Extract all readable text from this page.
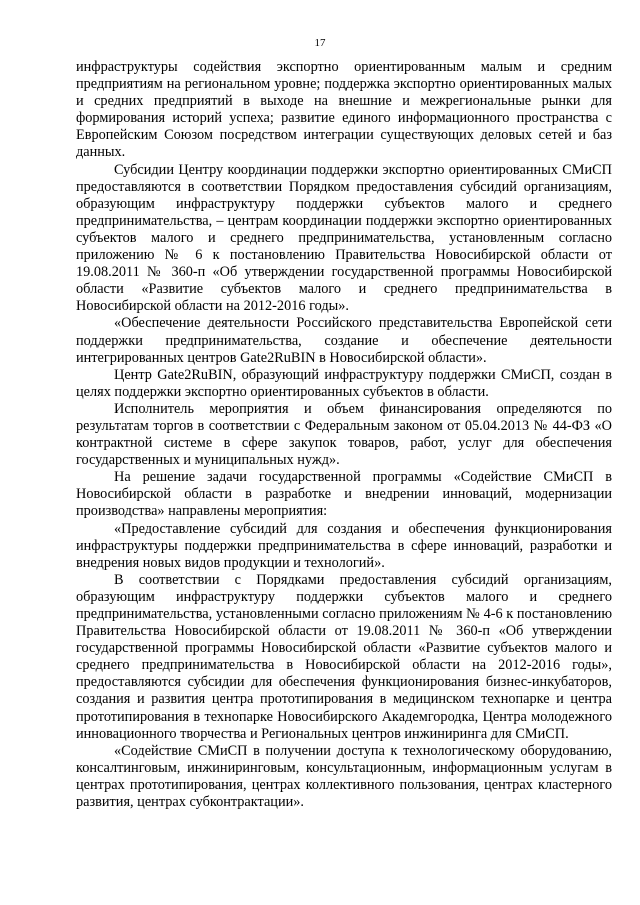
17

инфраструктуры содействия экспортно ориентированным малым и средним предприятиям на региональном уровне; поддержка экспортно ориентированных малых и средних предприятий в выходе на внешние и межрегиональные рынки для формирования историй успеха; развитие единого информационного пространства с Европейским Союзом посредством интеграции существующих деловых сетей и баз данных.

Субсидии Центру координации поддержки экспортно ориентированных СМиСП предоставляются в соответствии Порядком предоставления субсидий организациям, образующим инфраструктуру поддержки субъектов малого и среднего предпринимательства, – центрам координации поддержки экспортно ориентированных субъектов малого и среднего предпринимательства, установленным согласно приложению № 6 к постановлению Правительства Новосибирской области от 19.08.2011 № 360-п «Об утверждении государственной программы Новосибирской области «Развитие субъектов малого и среднего предпринимательства в Новосибирской области на 2012-2016 годы».

«Обеспечение деятельности Российского представительства Европейской сети поддержки предпринимательства, создание и обеспечение деятельности интегрированных центров Gate2RuBIN в Новосибирской области».

Центр Gate2RuBIN, образующий инфраструктуру поддержки СМиСП, создан в целях поддержки экспортно ориентированных субъектов в области.

Исполнитель мероприятия и объем финансирования определяются по результатам торгов в соответствии с Федеральным законом от 05.04.2013 № 44-ФЗ «О контрактной системе в сфере закупок товаров, работ, услуг для обеспечения государственных и муниципальных нужд».

На решение задачи государственной программы «Содействие СМиСП в Новосибирской области в разработке и внедрении инноваций, модернизации производства» направлены мероприятия:

«Предоставление субсидий для создания и обеспечения функционирования инфраструктуры поддержки предпринимательства в сфере инноваций, разработки и внедрения новых видов продукции и технологий».

В соответствии с Порядками предоставления субсидий организациям, образующим инфраструктуру поддержки субъектов малого и среднего предпринимательства, установленными согласно приложениям № 4-6 к постановлению Правительства Новосибирской области от 19.08.2011 № 360-п «Об утверждении государственной программы Новосибирской области «Развитие субъектов малого и среднего предпринимательства в Новосибирской области на 2012-2016 годы», предоставляются субсидии для обеспечения функционирования бизнес-инкубаторов, создания и развития центра прототипирования в медицинском технопарке и центра прототипирования в технопарке Новосибирского Академгородка, Центра молодежного инновационного творчества и Региональных центров инжиниринга для СМиСП.

«Содействие СМиСП в получении доступа к технологическому оборудованию, консалтинговым, инжиниринговым, консультационным, информационным услугам в центрах прототипирования, центрах коллективного пользования, центрах кластерного развития, центрах субконтрактации».
